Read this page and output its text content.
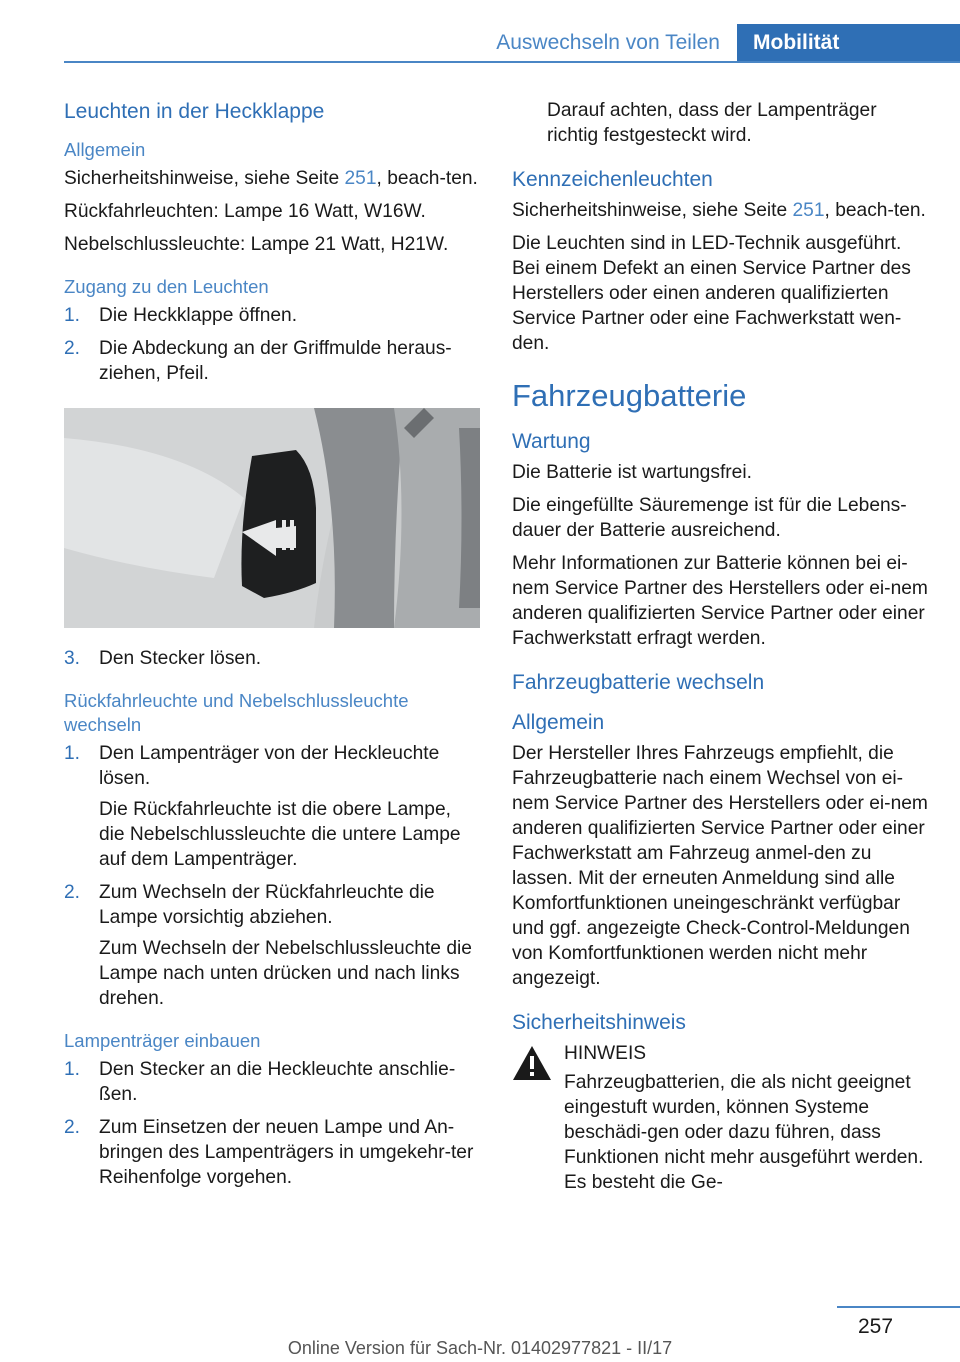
Auswechseln von Teilen	Mobilität
Leuchten in der Heckklappe
Allgemein

Sicherheitshinweise, siehe Seite 251, beach-ten.

Rückfahrleuchten: Lampe 16 Watt, W16W.

Nebelschlussleuchte: Lampe 21 Watt, H21W.

Zugang zu den Leuchten
1. Die Heckklappe öffnen.
2. Die Abdeckung an der Griffmulde heraus-ziehen, Pfeil.
3. Den Stecker lösen.
Rückfahrleuchte und Nebelschlussleuchte wechseln
1. Den Lampenträger von der Heckleuchte lösen.

Die Rückfahrleuchte ist die obere Lampe, die Nebelschlussleuchte die untere Lampe auf dem Lampenträger.

2. Zum Wechseln der Rückfahrleuchte die Lampe vorsichtig abziehen.

Zum Wechseln der Nebelschlussleuchte die Lampe nach unten drücken und nach links drehen.

Lampenträger einbauen
1. Den Stecker an die Heckleuchte anschlie-ßen.
2. Zum Einsetzen der neuen Lampe und An-bringen des Lampenträgers in umgekehr-ter Reihenfolge vorgehen.

Darauf achten, dass der Lampenträger richtig festgesteckt wird.

Kennzeichenleuchten

Sicherheitshinweise, siehe Seite 251, beach-ten.

Die Leuchten sind in LED-Technik ausgeführt. Bei einem Defekt an einen Service Partner des Herstellers oder einen anderen qualifizierten Service Partner oder eine Fachwerkstatt wen-den.

Fahrzeugbatterie
Wartung

Die Batterie ist wartungsfrei.

Die eingefüllte Säuremenge ist für die Lebens-dauer der Batterie ausreichend.

Mehr Informationen zur Batterie können bei ei-nem Service Partner des Herstellers oder ei-nem anderen qualifizierten Service Partner oder einer Fachwerkstatt erfragt werden.

Fahrzeugbatterie wechseln
Allgemein

Der Hersteller Ihres Fahrzeugs empfiehlt, die Fahrzeugbatterie nach einem Wechsel von ei-nem Service Partner des Herstellers oder ei-nem anderen qualifizierten Service Partner oder einer Fachwerkstatt am Fahrzeug anmel-den zu lassen. Mit der erneuten Anmeldung sind alle Komfortfunktionen uneingeschränkt verfügbar und ggf. angezeigte Check-Control-Meldungen von Komfortfunktionen werden nicht mehr angezeigt.

Sicherheitshinweis

HINWEIS

Fahrzeugbatterien, die als nicht geeignet eingestuft wurden, können Systeme beschädi-gen oder dazu führen, dass Funktionen nicht mehr ausgeführt werden. Es besteht die Ge-

257
Online Version für Sach-Nr. 01402977821 - II/17
